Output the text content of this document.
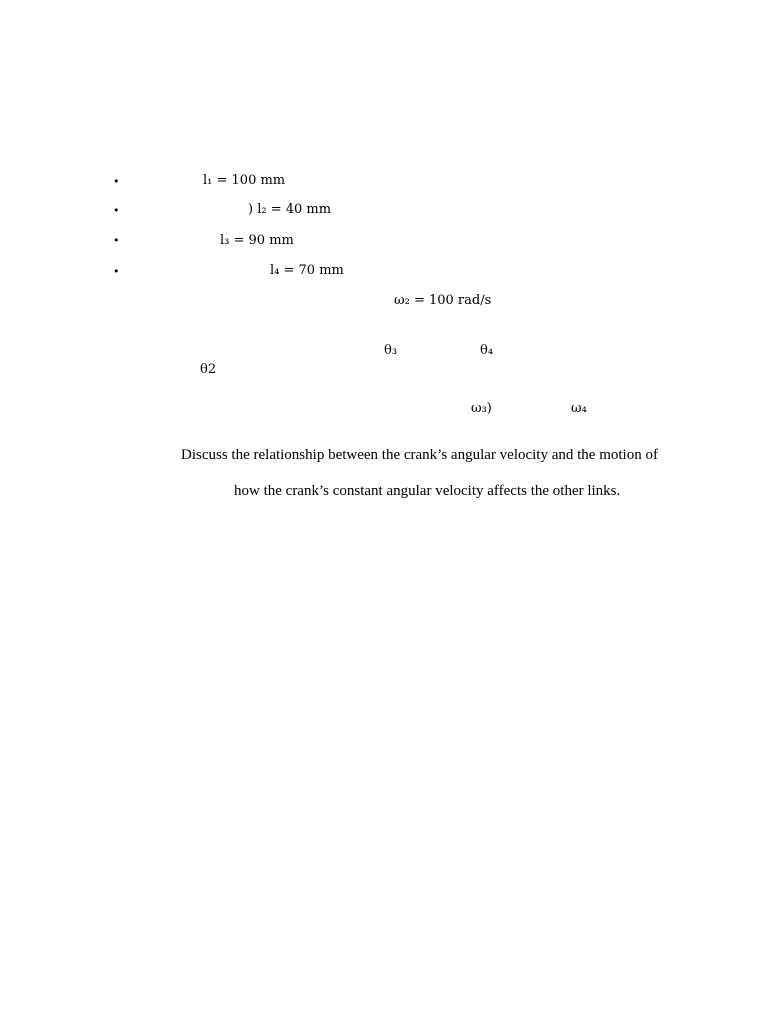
•	l₁ = 100 mm
•	) l₂ = 40 mm
•	l₃ = 90 mm
•	l₄ = 70 mm
ω₂ = 100 rad/s
θ₃	θ₄
θ2
ω₃)	ω₄
Discuss the relationship between the crank’s angular velocity and the motion of
how the crank’s constant angular velocity affects the other links.
